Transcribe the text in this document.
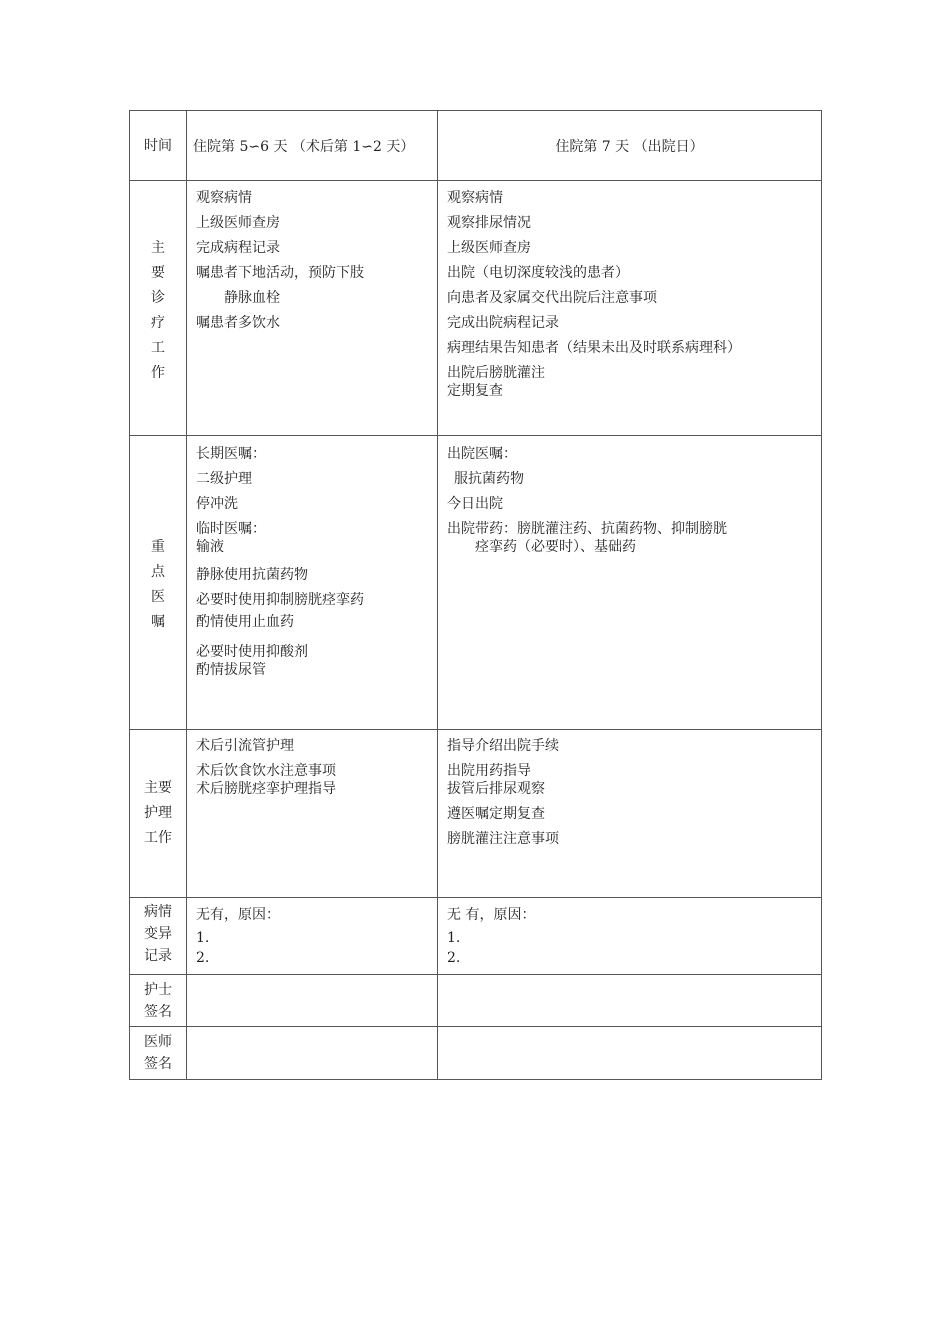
时间	住院第 5∽6 天 （术后第 1∽2 天）	住院第 7 天 （出院日）
主
要
诊
疗
工
作
观察病情
上级医师查房
完成病程记录
嘱患者下地活动，预防下肢
静脉血栓
嘱患者多饮水
观察病情
观察排尿情况
上级医师查房
出院（电切深度较浅的患者）
向患者及家属交代出院后注意事项
完成出院病程记录
病理结果告知患者（结果未出及时联系病理科）
出院后膀胱灌注
定期复查
重
点
医
嘱
长期医嘱：
二级护理
停冲洗
临时医嘱：
输液
静脉使用抗菌药物
必要时使用抑制膀胱痉挛药
酌情使用止血药
必要时使用抑酸剂
酌情拔尿管
出院医嘱：
服抗菌药物
今日出院
出院带药：膀胱灌注药、抗菌药物、抑制膀胱
痉挛药（必要时）、基础药
主要
护理
工作
术后引流管护理
术后饮食饮水注意事项
术后膀胱痉挛护理指导
指导介绍出院手续
出院用药指导
拔管后排尿观察
遵医嘱定期复查
膀胱灌注注意事项
病情
变异
记录
无有，原因：
1.
2.
无 有，原因：
1.
2.
护士
签名
医师
签名
